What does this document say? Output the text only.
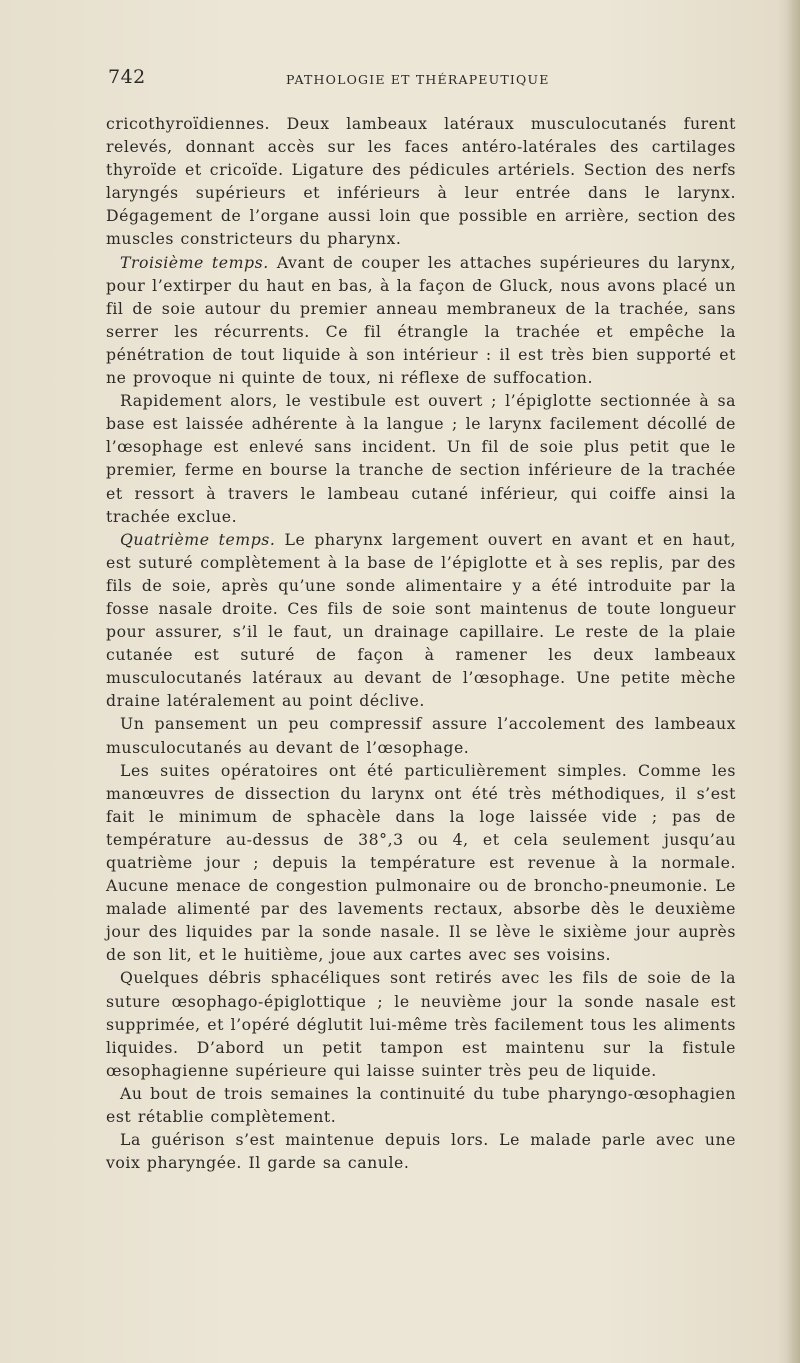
742	PATHOLOGIE ET THÉRAPEUTIQUE

cricothyroïdiennes. Deux lambeaux latéraux musculocutanés furent relevés, donnant accès sur les faces antéro-latérales des cartilages thyroïde et cricoïde. Ligature des pédicules artériels. Section des nerfs laryngés supérieurs et inférieurs à leur entrée dans le larynx. Dégagement de l’organe aussi loin que possible en arrière, section des muscles constricteurs du pharynx.

Troisième temps. Avant de couper les attaches supérieures du larynx, pour l’extirper du haut en bas, à la façon de Gluck, nous avons placé un fil de soie autour du premier anneau membraneux de la trachée, sans serrer les récurrents. Ce fil étrangle la trachée et empêche la pénétration de tout liquide à son intérieur : il est très bien supporté et ne provoque ni quinte de toux, ni réflexe de suffocation.

Rapidement alors, le vestibule est ouvert ; l’épiglotte sectionnée à sa base est laissée adhérente à la langue ; le larynx facilement décollé de l’œsophage est enlevé sans incident. Un fil de soie plus petit que le premier, ferme en bourse la tranche de section inférieure de la trachée et ressort à travers le lambeau cutané inférieur, qui coiffe ainsi la trachée exclue.

Quatrième temps. Le pharynx largement ouvert en avant et en haut, est suturé complètement à la base de l’épiglotte et à ses replis, par des fils de soie, après qu’une sonde alimentaire y a été introduite par la fosse nasale droite. Ces fils de soie sont maintenus de toute longueur pour assurer, s’il le faut, un drainage capillaire. Le reste de la plaie cutanée est suturé de façon à ramener les deux lambeaux musculocutanés latéraux au devant de l’œsophage. Une petite mèche draine latéralement au point déclive.

Un pansement un peu compressif assure l’accolement des lambeaux musculocutanés au devant de l’œsophage.

Les suites opératoires ont été particulièrement simples. Comme les manœuvres de dissection du larynx ont été très méthodiques, il s’est fait le minimum de sphacèle dans la loge laissée vide ; pas de température au-dessus de 38°,3 ou 4, et cela seulement jusqu’au quatrième jour ; depuis la température est revenue à la normale. Aucune menace de congestion pulmonaire ou de broncho-pneumonie. Le malade alimenté par des lavements rectaux, absorbe dès le deuxième jour des liquides par la sonde nasale. Il se lève le sixième jour auprès de son lit, et le huitième, joue aux cartes avec ses voisins.

Quelques débris sphacéliques sont retirés avec les fils de soie de la suture œsophago-épiglottique ; le neuvième jour la sonde nasale est supprimée, et l’opéré déglutit lui-même très facilement tous les aliments liquides. D’abord un petit tampon est maintenu sur la fistule œsophagienne supérieure qui laisse suinter très peu de liquide.

Au bout de trois semaines la continuité du tube pharyngo-œsophagien est rétablie complètement.

La guérison s’est maintenue depuis lors. Le malade parle avec une voix pharyngée. Il garde sa canule.
